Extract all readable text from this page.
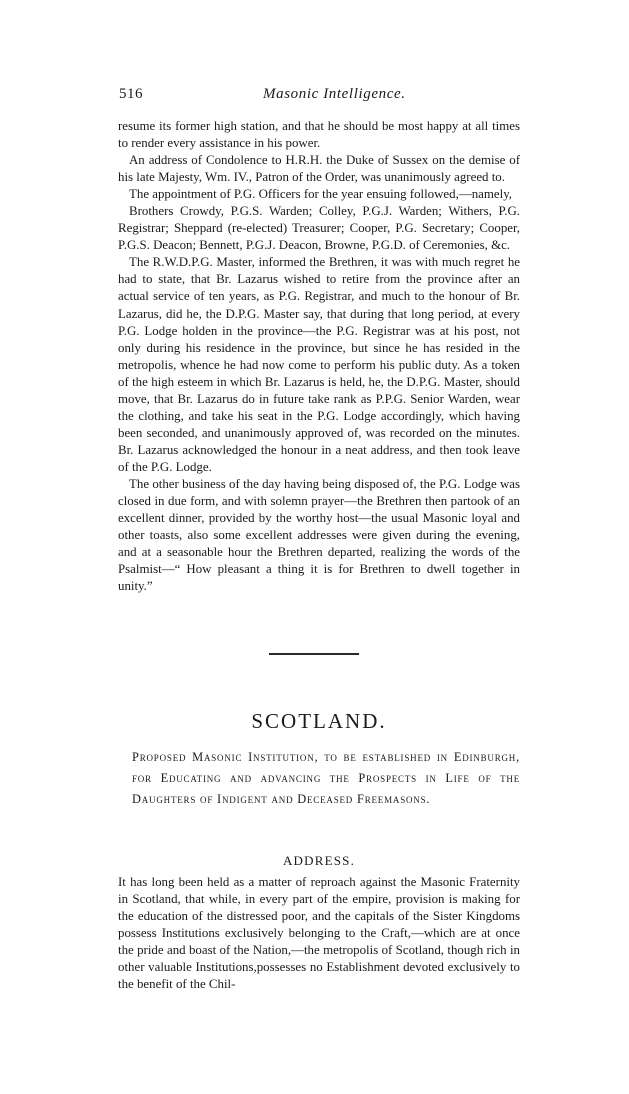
516	Masonic Intelligence.

resume its former high station, and that he should be most happy at all times to render every assistance in his power.

An address of Condolence to H.R.H. the Duke of Sussex on the demise of his late Majesty, Wm. IV., Patron of the Order, was unanimously agreed to.

The appointment of P.G. Officers for the year ensuing followed,—namely,

Brothers Crowdy, P.G.S. Warden; Colley, P.G.J. Warden; Withers, P.G. Registrar; Sheppard (re-elected) Treasurer; Cooper, P.G. Secretary; Cooper, P.G.S. Deacon; Bennett, P.G.J. Deacon, Browne, P.G.D. of Ceremonies, &c.

The R.W.D.P.G. Master, informed the Brethren, it was with much regret he had to state, that Br. Lazarus wished to retire from the province after an actual service of ten years, as P.G. Registrar, and much to the honour of Br. Lazarus, did he, the D.P.G. Master say, that during that long period, at every P.G. Lodge holden in the province—the P.G. Registrar was at his post, not only during his residence in the province, but since he has resided in the metropolis, whence he had now come to perform his public duty. As a token of the high esteem in which Br. Lazarus is held, he, the D.P.G. Master, should move, that Br. Lazarus do in future take rank as P.P.G. Senior Warden, wear the clothing, and take his seat in the P.G. Lodge accordingly, which having been seconded, and unanimously approved of, was recorded on the minutes. Br. Lazarus acknowledged the honour in a neat address, and then took leave of the P.G. Lodge.

The other business of the day having being disposed of, the P.G. Lodge was closed in due form, and with solemn prayer—the Brethren then partook of an excellent dinner, provided by the worthy host—the usual Masonic loyal and other toasts, also some excellent addresses were given during the evening, and at a seasonable hour the Brethren departed, realizing the words of the Psalmist—“ How pleasant a thing it is for Brethren to dwell together in unity.”

SCOTLAND.
Proposed Masonic Institution, to be established in Edinburgh, for Educating and advancing the Prospects in Life of the Daughters of Indigent and Deceased Freemasons.
ADDRESS.

It has long been held as a matter of reproach against the Masonic Fraternity in Scotland, that while, in every part of the empire, provision is making for the education of the distressed poor, and the capitals of the Sister Kingdoms possess Institutions exclusively belonging to the Craft,—which are at once the pride and boast of the Nation,—the metropolis of Scotland, though rich in other valuable Institutions,possesses no Establishment devoted exclusively to the benefit of the Chil-
